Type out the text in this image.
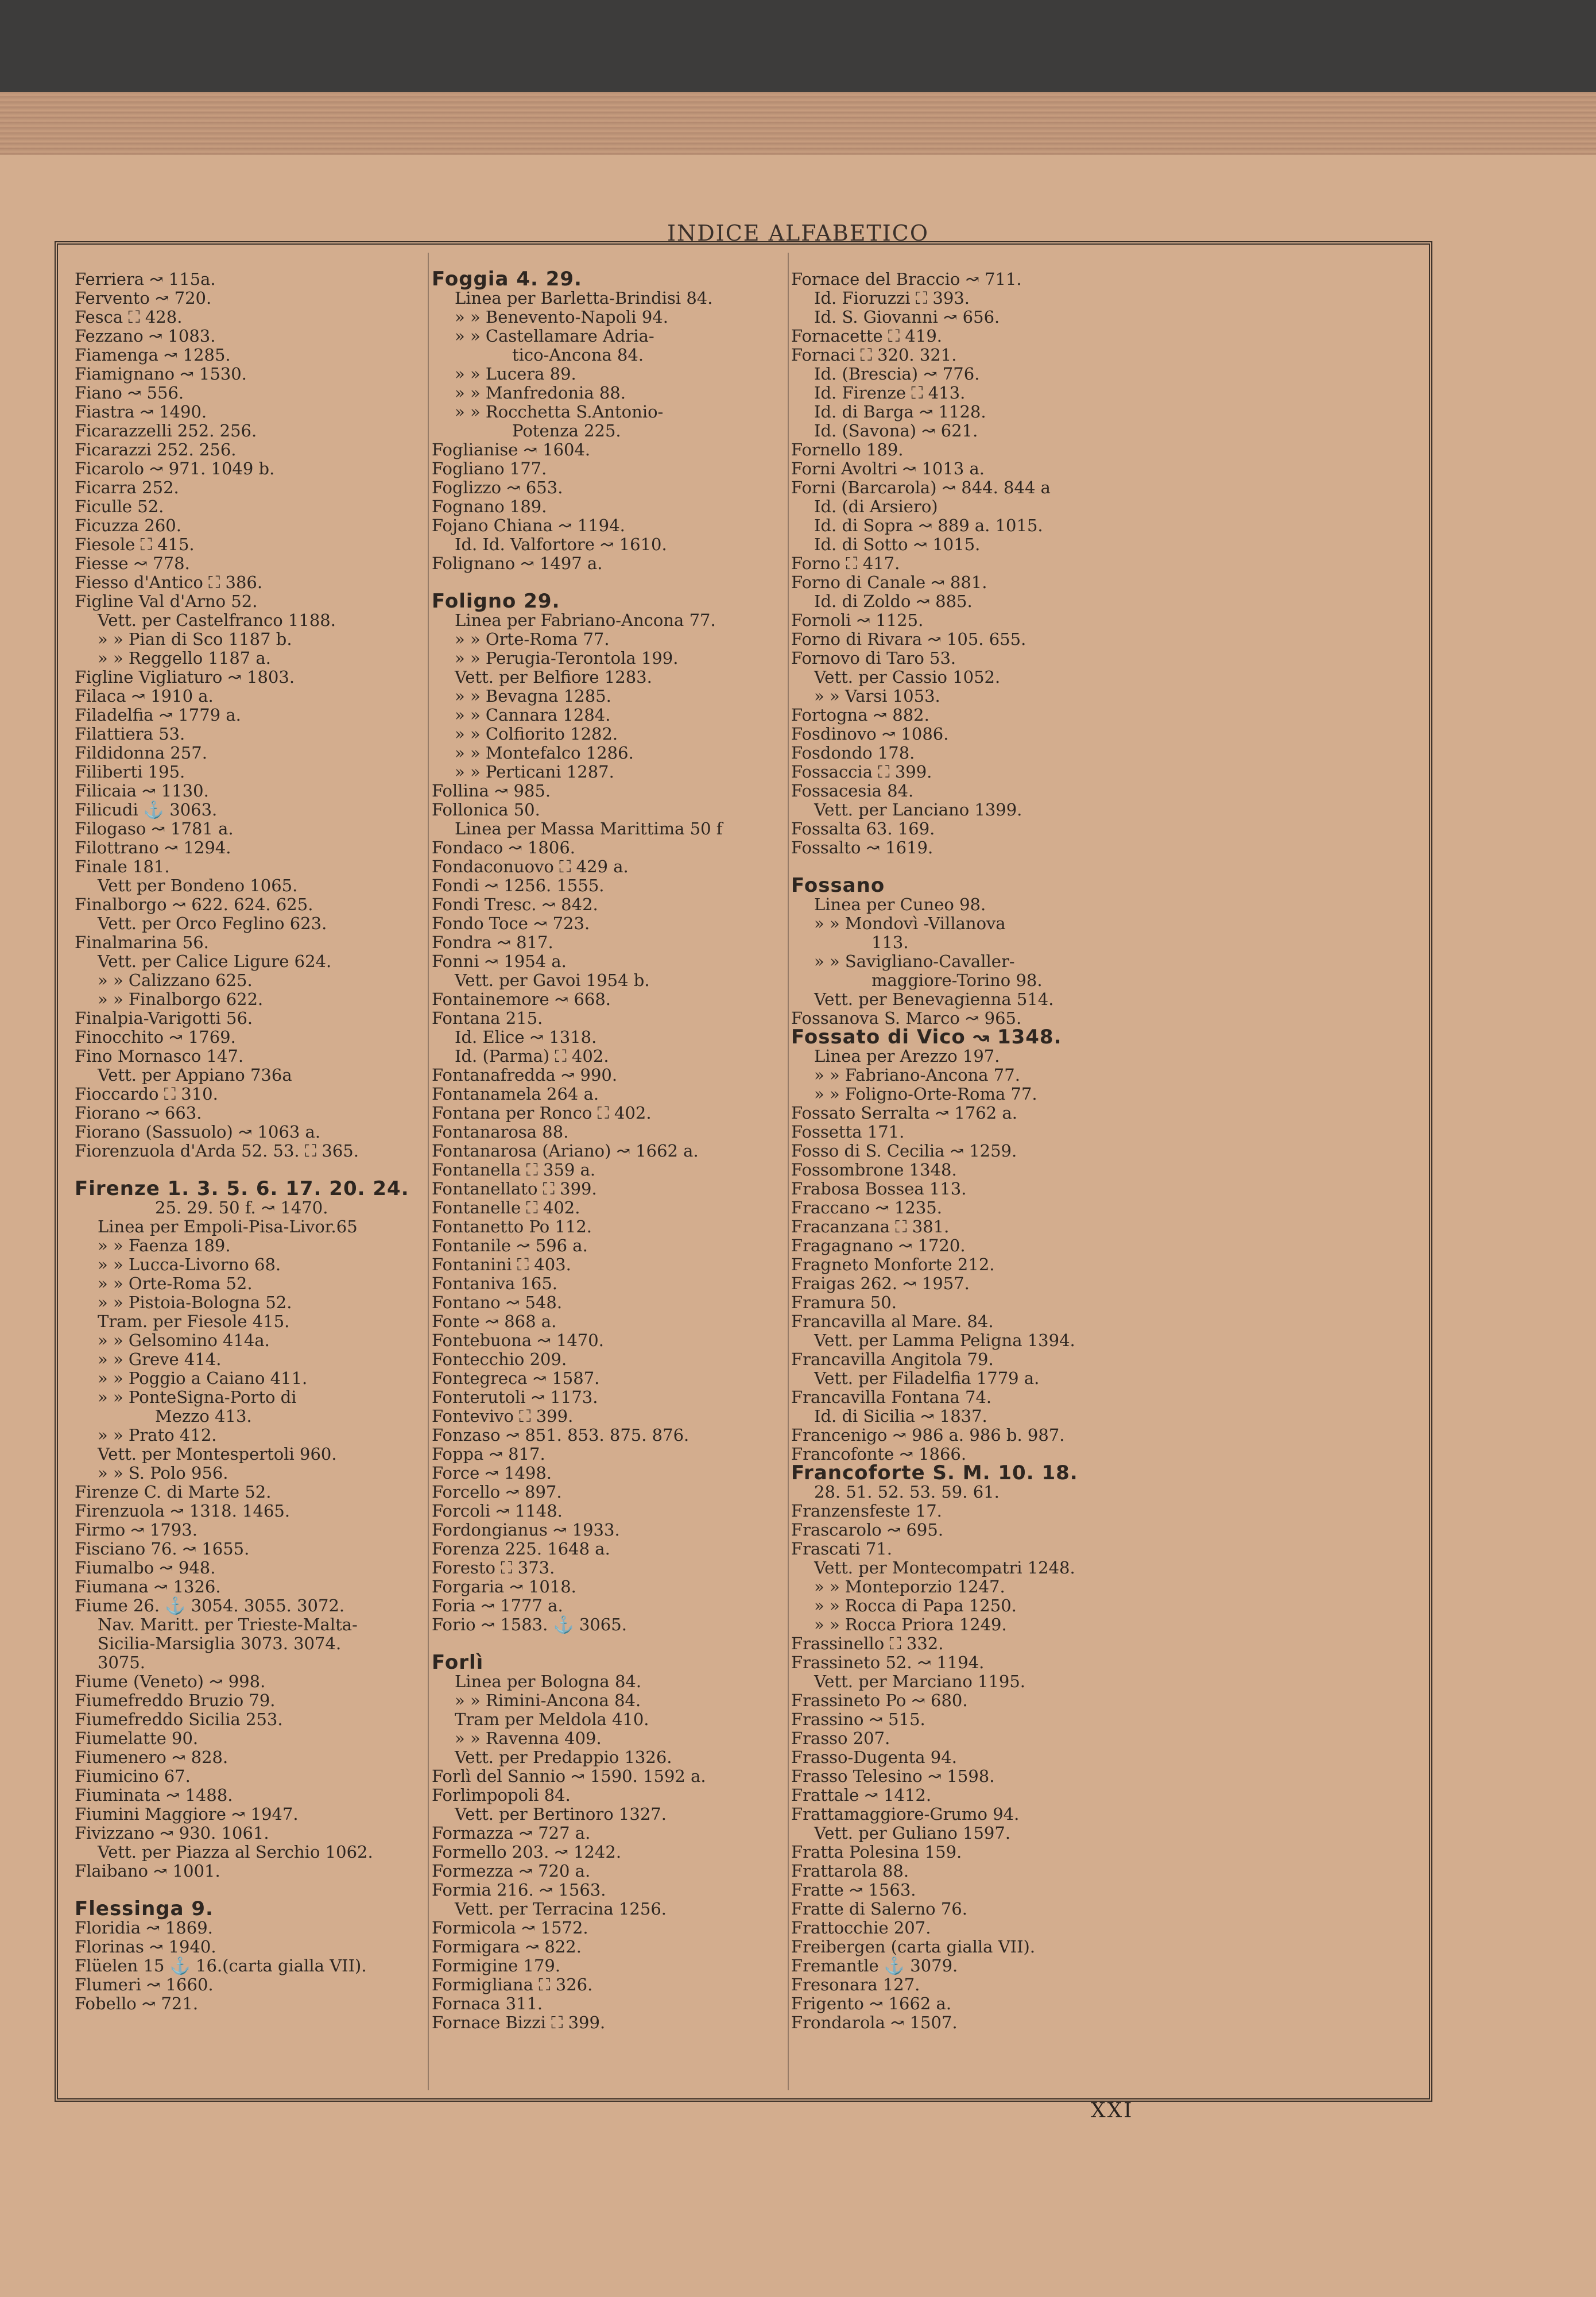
INDICE ALFABETICO
Ferriera ↝ 115a.
Fervento ↝ 720.
Fesca ⛶ 428.
Fezzano ↝ 1083.
Fiamenga ↝ 1285.
Fiamignano ↝ 1530.
Fiano ↝ 556.
Fiastra ↝ 1490.
Ficarazzelli 252. 256.
Ficarazzi 252. 256.
Ficarolo ↝ 971. 1049 b.
Ficarra 252.
Ficulle 52.
Ficuzza 260.
Fiesole ⛶ 415.
Fiesse ↝ 778.
Fiesso d'Antico ⛶ 386.
Figline Val d'Arno 52.
Vett. per Castelfranco 1188.
» » Pian di Sco 1187 b.
» » Reggello 1187 a.
Figline Vigliaturo ↝ 1803.
Filaca ↝ 1910 a.
Filadelfia ↝ 1779 a.
Filattiera 53.
Fildidonna 257.
Filiberti 195.
Filicaia ↝ 1130.
Filicudi ⚓ 3063.
Filogaso ↝ 1781 a.
Filottrano ↝ 1294.
Finale 181.
Vett per Bondeno 1065.
Finalborgo ↝ 622. 624. 625.
Vett. per Orco Feglino 623.
Finalmarina 56.
Vett. per Calice Ligure 624.
» » Calizzano 625.
» » Finalborgo 622.
Finalpia-Varigotti 56.
Finocchito ↝ 1769.
Fino Mornasco 147.
Vett. per Appiano 736a
Fioccardo ⛶ 310.
Fiorano ↝ 663.
Fiorano (Sassuolo) ↝ 1063 a.
Fiorenzuola d'Arda 52. 53. ⛶ 365.

Firenze 1. 3. 5. 6. 17. 20. 24.
25. 29. 50 f. ↝ 1470.
Linea per Empoli-Pisa-Livor.65
» » Faenza 189.
» » Lucca-Livorno 68.
» » Orte-Roma 52.
» » Pistoia-Bologna 52.
Tram. per Fiesole 415.
» » Gelsomino 414a.
» » Greve 414.
» » Poggio a Caiano 411.
» » PonteSigna-Porto di
Mezzo 413.
» » Prato 412.
Vett. per Montespertoli 960.
» » S. Polo 956.
Firenze C. di Marte 52.
Firenzuola ↝ 1318. 1465.
Firmo ↝ 1793.
Fisciano 76. ↝ 1655.
Fiumalbo ↝ 948.
Fiumana ↝ 1326.
Fiume 26. ⚓ 3054. 3055. 3072.
Nav. Maritt. per Trieste-Malta-
Sicilia-Marsiglia 3073. 3074.
3075.
Fiume (Veneto) ↝ 998.
Fiumefreddo Bruzio 79.
Fiumefreddo Sicilia 253.
Fiumelatte 90.
Fiumenero ↝ 828.
Fiumicino 67.
Fiuminata ↝ 1488.
Fiumini Maggiore ↝ 1947.
Fivizzano ↝ 930. 1061.
Vett. per Piazza al Serchio 1062.
Flaibano ↝ 1001.

Flessinga 9.
Floridia ↝ 1869.
Florinas ↝ 1940.
Flüelen 15 ⚓ 16.(carta gialla VII).
Flumeri ↝ 1660.
Fobello ↝ 721.
Foggia 4. 29.
Linea per Barletta-Brindisi 84.
» » Benevento-Napoli 94.
» » Castellamare Adria-
tico-Ancona 84.
» » Lucera 89.
» » Manfredonia 88.
» » Rocchetta S.Antonio-
Potenza 225.
Foglianise ↝ 1604.
Fogliano 177.
Foglizzo ↝ 653.
Fognano 189.
Fojano Chiana ↝ 1194.
Id. Id. Valfortore ↝ 1610.
Folignano ↝ 1497 a.

Foligno 29.
Linea per Fabriano-Ancona 77.
» » Orte-Roma 77.
» » Perugia-Terontola 199.
Vett. per Belfiore 1283.
» » Bevagna 1285.
» » Cannara 1284.
» » Colfiorito 1282.
» » Montefalco 1286.
» » Perticani 1287.
Follina ↝ 985.
Follonica 50.
Linea per Massa Marittima 50 f
Fondaco ↝ 1806.
Fondaconuovo ⛶ 429 a.
Fondi ↝ 1256. 1555.
Fondi Tresc. ↝ 842.
Fondo Toce ↝ 723.
Fondra ↝ 817.
Fonni ↝ 1954 a.
Vett. per Gavoi 1954 b.
Fontainemore ↝ 668.
Fontana 215.
Id. Elice ↝ 1318.
Id. (Parma) ⛶ 402.
Fontanafredda ↝ 990.
Fontanamela 264 a.
Fontana per Ronco ⛶ 402.
Fontanarosa 88.
Fontanarosa (Ariano) ↝ 1662 a.
Fontanella ⛶ 359 a.
Fontanellato ⛶ 399.
Fontanelle ⛶ 402.
Fontanetto Po 112.
Fontanile ↝ 596 a.
Fontanini ⛶ 403.
Fontaniva 165.
Fontano ↝ 548.
Fonte ↝ 868 a.
Fontebuona ↝ 1470.
Fontecchio 209.
Fontegreca ↝ 1587.
Fonterutoli ↝ 1173.
Fontevivo ⛶ 399.
Fonzaso ↝ 851. 853. 875. 876.
Foppa ↝ 817.
Force ↝ 1498.
Forcello ↝ 897.
Forcoli ↝ 1148.
Fordongianus ↝ 1933.
Forenza 225. 1648 a.
Foresto ⛶ 373.
Forgaria ↝ 1018.
Foria ↝ 1777 a.
Forio ↝ 1583. ⚓ 3065.

Forlì
Linea per Bologna 84.
» » Rimini-Ancona 84.
Tram per Meldola 410.
» » Ravenna 409.
Vett. per Predappio 1326.
Forlì del Sannio ↝ 1590. 1592 a.
Forlimpopoli 84.
Vett. per Bertinoro 1327.
Formazza ↝ 727 a.
Formello 203. ↝ 1242.
Formezza ↝ 720 a.
Formia 216. ↝ 1563.
Vett. per Terracina 1256.
Formicola ↝ 1572.
Formigara ↝ 822.
Formigine 179.
Formigliana ⛶ 326.
Fornaca 311.
Fornace Bizzi ⛶ 399.
Fornace del Braccio ↝ 711.
Id. Fioruzzi ⛶ 393.
Id. S. Giovanni ↝ 656.
Fornacette ⛶ 419.
Fornaci ⛶ 320. 321.
Id. (Brescia) ↝ 776.
Id. Firenze ⛶ 413.
Id. di Barga ↝ 1128.
Id. (Savona) ↝ 621.
Fornello 189.
Forni Avoltri ↝ 1013 a.
Forni (Barcarola) ↝ 844. 844 a
Id. (di Arsiero)
Id. di Sopra ↝ 889 a. 1015.
Id. di Sotto ↝ 1015.
Forno ⛶ 417.
Forno di Canale ↝ 881.
Id. di Zoldo ↝ 885.
Fornoli ↝ 1125.
Forno di Rivara ↝ 105. 655.
Fornovo di Taro 53.
Vett. per Cassio 1052.
» » Varsi 1053.
Fortogna ↝ 882.
Fosdinovo ↝ 1086.
Fosdondo 178.
Fossaccia ⛶ 399.
Fossacesia 84.
Vett. per Lanciano 1399.
Fossalta 63. 169.
Fossalto ↝ 1619.

Fossano
Linea per Cuneo 98.
» » Mondovì -Villanova
113.
» » Savigliano-Cavaller-
maggiore-Torino 98.
Vett. per Benevagienna 514.
Fossanova S. Marco ↝ 965.
Fossato di Vico ↝ 1348.
Linea per Arezzo 197.
» » Fabriano-Ancona 77.
» » Foligno-Orte-Roma 77.
Fossato Serralta ↝ 1762 a.
Fossetta 171.
Fosso di S. Cecilia ↝ 1259.
Fossombrone 1348.
Frabosa Bossea 113.
Fraccano ↝ 1235.
Fracanzana ⛶ 381.
Fragagnano ↝ 1720.
Fragneto Monforte 212.
Fraigas 262. ↝ 1957.
Framura 50.
Francavilla al Mare. 84.
Vett. per Lamma Peligna 1394.
Francavilla Angitola 79.
Vett. per Filadelfia 1779 a.
Francavilla Fontana 74.
Id. di Sicilia ↝ 1837.
Francenigo ↝ 986 a. 986 b. 987.
Francofonte ↝ 1866.
Francoforte S. M. 10. 18.
28. 51. 52. 53. 59. 61.
Franzensfeste 17.
Frascarolo ↝ 695.
Frascati 71.
Vett. per Montecompatri 1248.
» » Monteporzio 1247.
» » Rocca di Papa 1250.
» » Rocca Priora 1249.
Frassinello ⛶ 332.
Frassineto 52. ↝ 1194.
Vett. per Marciano 1195.
Frassineto Po ↝ 680.
Frassino ↝ 515.
Frasso 207.
Frasso-Dugenta 94.
Frasso Telesino ↝ 1598.
Frattale ↝ 1412.
Frattamaggiore-Grumo 94.
Vett. per Guliano 1597.
Fratta Polesina 159.
Frattarola 88.
Fratte ↝ 1563.
Fratte di Salerno 76.
Frattocchie 207.
Freibergen (carta gialla VII).
Fremantle ⚓ 3079.
Fresonara 127.
Frigento ↝ 1662 a.
Frondarola ↝ 1507.
XXI
